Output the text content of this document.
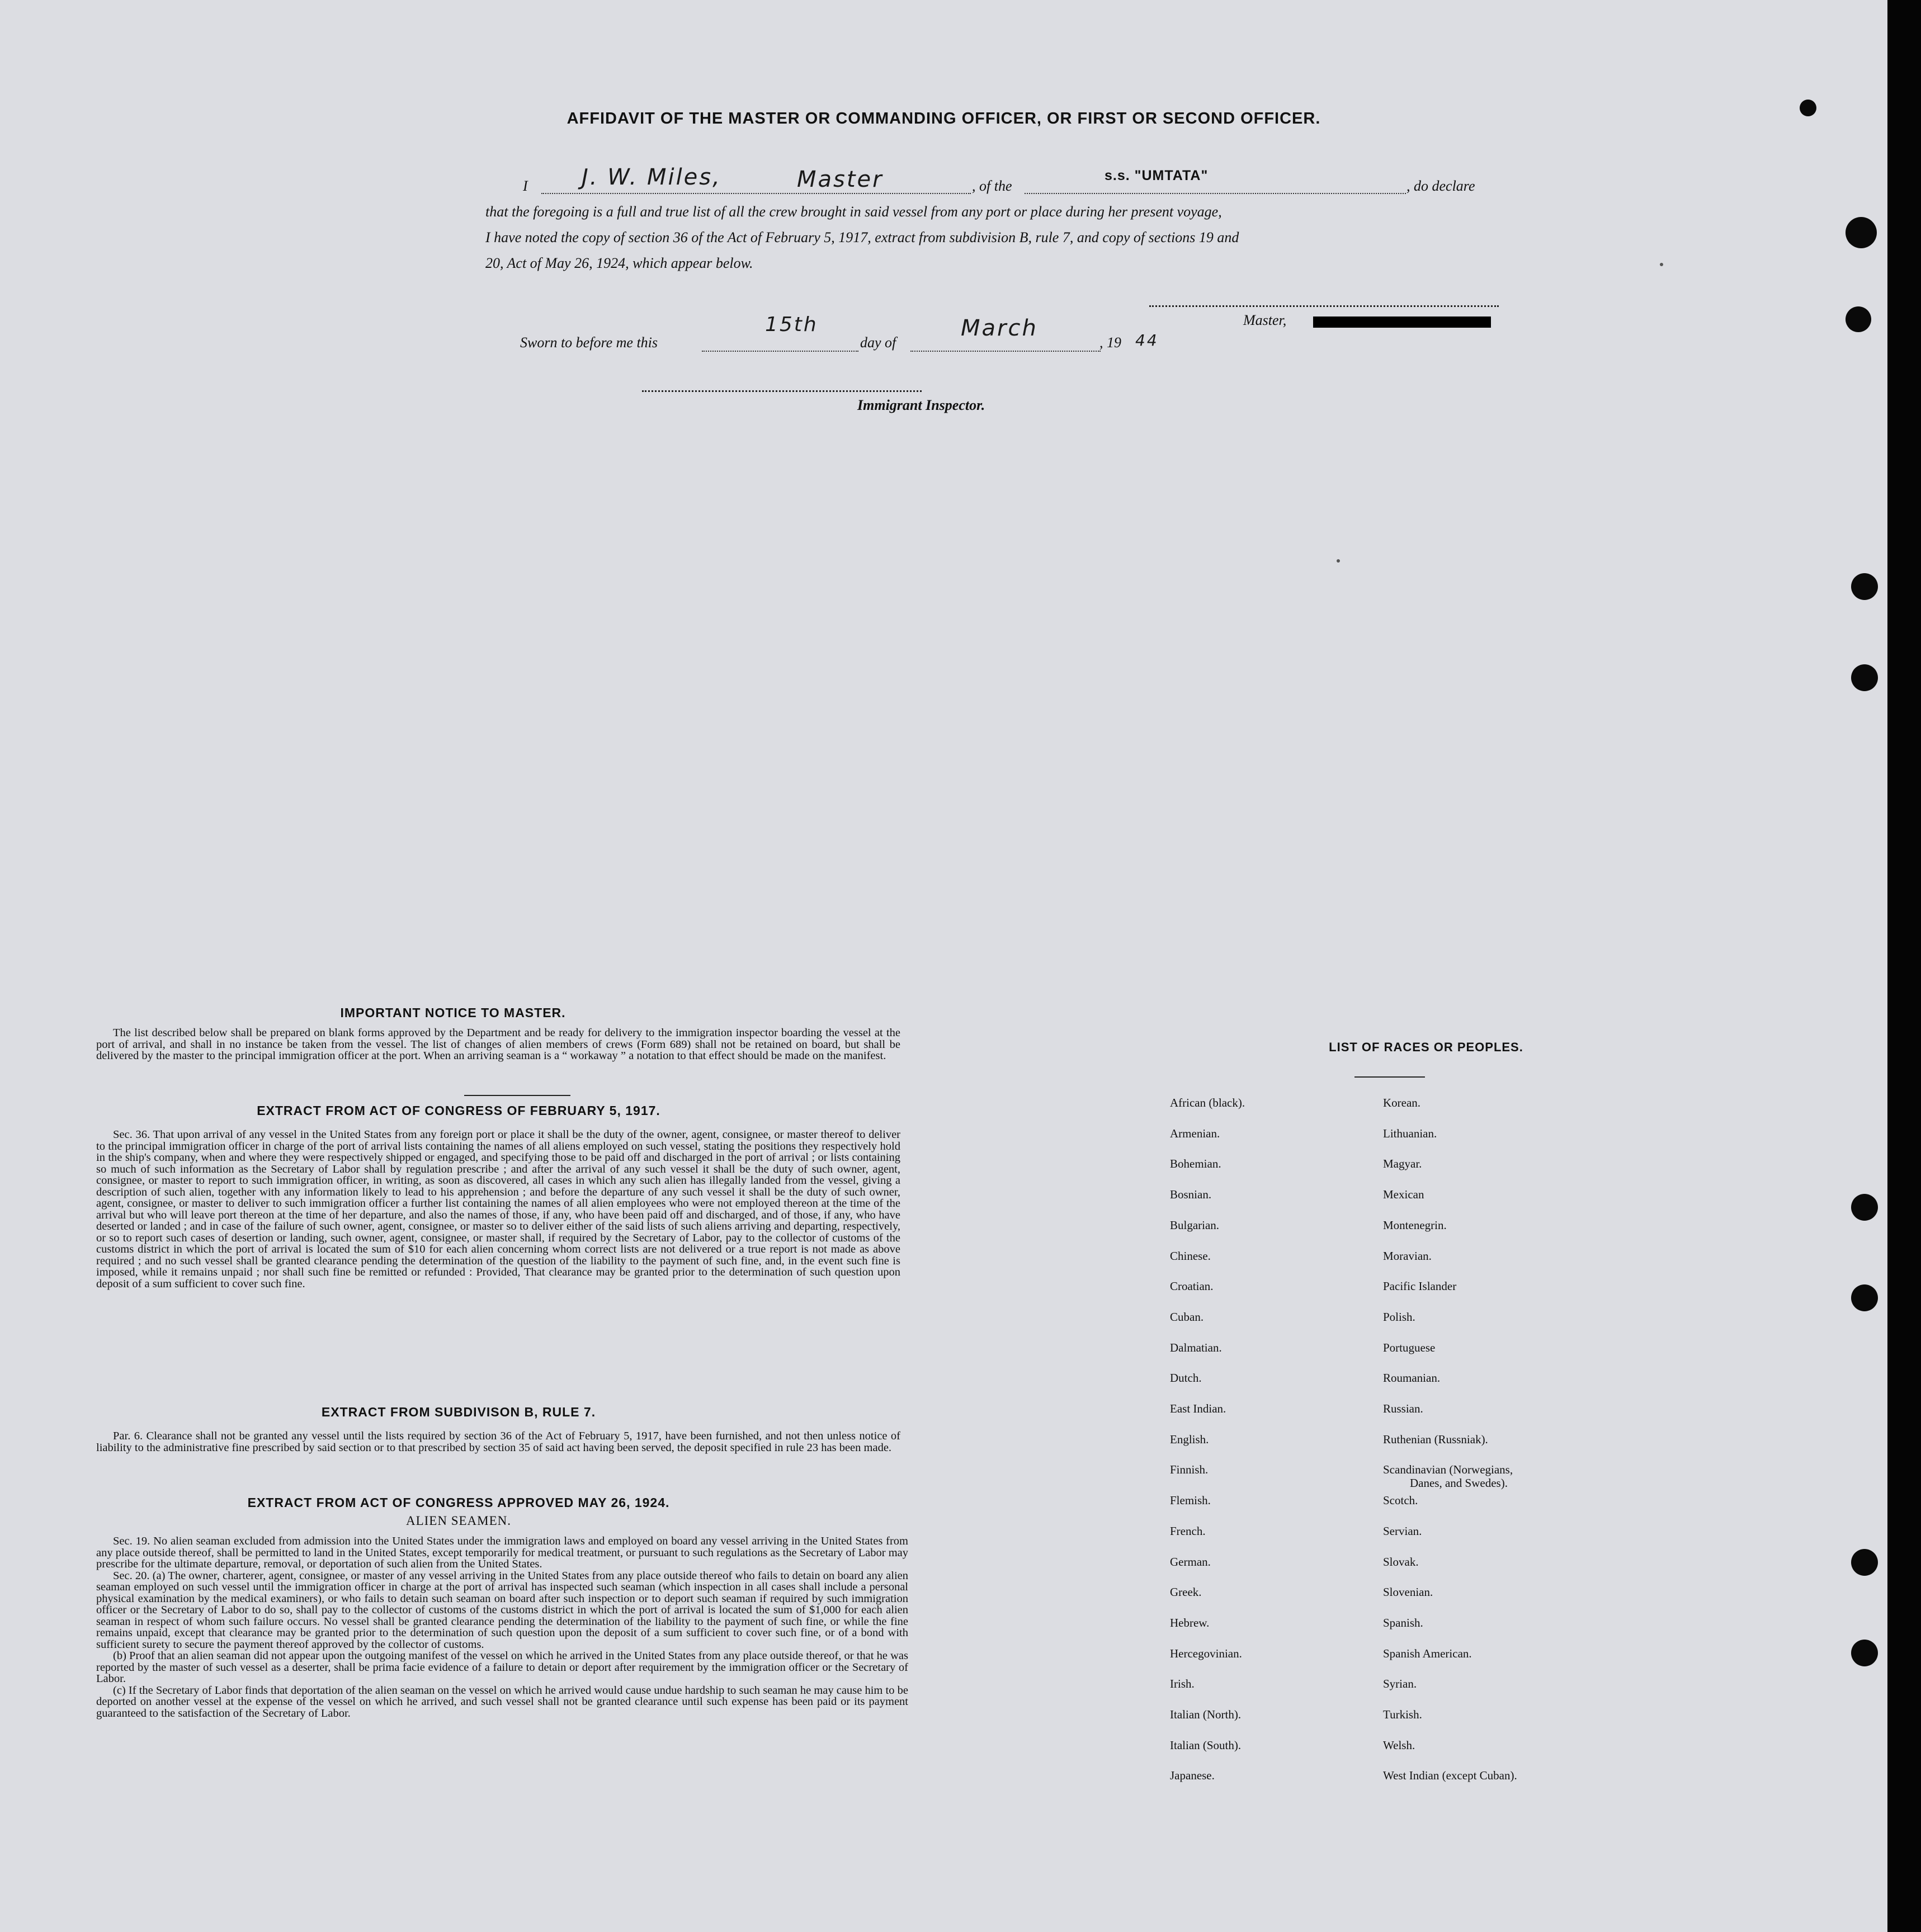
AFFIDAVIT OF THE MASTER OR COMMANDING OFFICER, OR FIRST OR SECOND OFFICER.
I J. W. Miles,	Master	, of the
s.s. "UMTATA"
, do declare
that the foregoing is a full and true list of all the crew brought in said vessel from any port or place during her present voyage,
I have noted the copy of section 36 of the Act of February 5, 1917, extract from subdivision B, rule 7, and copy of sections 19 and
20, Act of May 26, 1924, which appear below.
Master,
Sworn to before me this
15th
day of
March
, 19 44
Immigrant Inspector.
IMPORTANT NOTICE TO MASTER.

The list described below shall be prepared on blank forms approved by the Department and be ready for delivery to the immigration inspector boarding the vessel at the port of arrival, and shall in no instance be taken from the vessel. The list of changes of alien members of crews (Form 689) shall not be retained on board, but shall be delivered by the master to the principal immigration officer at the port. When an arriving seaman is a “ workaway ” a notation to that effect should be made on the manifest.

EXTRACT FROM ACT OF CONGRESS OF FEBRUARY 5, 1917.

Sec. 36. That upon arrival of any vessel in the United States from any foreign port or place it shall be the duty of the owner, agent, consignee, or master thereof to deliver to the principal immigration officer in charge of the port of arrival lists containing the names of all aliens employed on such vessel, stating the positions they respectively hold in the ship's company, when and where they were respectively shipped or engaged, and specifying those to be paid off and discharged in the port of arrival ; or lists containing so much of such information as the Secretary of Labor shall by regulation prescribe ; and after the arrival of any such vessel it shall be the duty of such owner, agent, consignee, or master to report to such immigration officer, in writing, as soon as discovered, all cases in which any such alien has illegally landed from the vessel, giving a description of such alien, together with any information likely to lead to his apprehension ; and before the departure of any such vessel it shall be the duty of such owner, agent, consignee, or master to deliver to such immigration officer a further list containing the names of all alien employees who were not employed thereon at the time of the arrival but who will leave port thereon at the time of her departure, and also the names of those, if any, who have been paid off and discharged, and of those, if any, who have deserted or landed ; and in case of the failure of such owner, agent, consignee, or master so to deliver either of the said lists of such aliens arriving and departing, respectively, or so to report such cases of desertion or landing, such owner, agent, consignee, or master shall, if required by the Secretary of Labor, pay to the collector of customs of the customs district in which the port of arrival is located the sum of $10 for each alien concerning whom correct lists are not delivered or a true report is not made as above required ; and no such vessel shall be granted clearance pending the determination of the question of the liability to the payment of such fine, and, in the event such fine is imposed, while it remains unpaid ; nor shall such fine be remitted or refunded : Provided, That clearance may be granted prior to the determination of such question upon deposit of a sum sufficient to cover such fine.

EXTRACT FROM SUBDIVISON B, RULE 7.

Par. 6. Clearance shall not be granted any vessel until the lists required by section 36 of the Act of February 5, 1917, have been furnished, and not then unless notice of liability to the administrative fine prescribed by said section or to that prescribed by section 35 of said act having been served, the deposit specified in rule 23 has been made.

EXTRACT FROM ACT OF CONGRESS APPROVED MAY 26, 1924.
ALIEN SEAMEN.

Sec. 19. No alien seaman excluded from admission into the United States under the immigration laws and employed on board any vessel arriving in the United States from any place outside thereof, shall be permitted to land in the United States, except temporarily for medical treatment, or pursuant to such regulations as the Secretary of Labor may prescribe for the ultimate departure, removal, or deportation of such alien from the United States.

Sec. 20. (a) The owner, charterer, agent, consignee, or master of any vessel arriving in the United States from any place outside thereof who fails to detain on board any alien seaman employed on such vessel until the immigration officer in charge at the port of arrival has inspected such seaman (which inspection in all cases shall include a personal physical examination by the medical examiners), or who fails to detain such seaman on board after such inspection or to deport such seaman if required by such immigration officer or the Secretary of Labor to do so, shall pay to the collector of customs of the customs district in which the port of arrival is located the sum of $1,000 for each alien seaman in respect of whom such failure occurs. No vessel shall be granted clearance pending the determination of the liability to the payment of such fine, or while the fine remains unpaid, except that clearance may be granted prior to the determination of such question upon the deposit of a sum sufficient to cover such fine, or of a bond with sufficient surety to secure the payment thereof approved by the collector of customs.

(b) Proof that an alien seaman did not appear upon the outgoing manifest of the vessel on which he arrived in the United States from any place outside thereof, or that he was reported by the master of such vessel as a deserter, shall be prima facie evidence of a failure to detain or deport after requirement by the immigration officer or the Secretary of Labor.

(c) If the Secretary of Labor finds that deportation of the alien seaman on the vessel on which he arrived would cause undue hardship to such seaman he may cause him to be deported on another vessel at the expense of the vessel on which he arrived, and such vessel shall not be granted clearance until such expense has been paid or its payment guaranteed to the satisfaction of the Secretary of Labor.

LIST OF RACES OR PEOPLES.
African (black).
Armenian.
Bohemian.
Bosnian.
Bulgarian.
Chinese.
Croatian.
Cuban.
Dalmatian.
Dutch.
East Indian.
English.
Finnish.
Flemish.
French.
German.
Greek.
Hebrew.
Hercegovinian.
Irish.
Italian (North).
Italian (South).
Japanese.
Korean.
Lithuanian.
Magyar.
Mexican
Montenegrin.
Moravian.
Pacific Islander
Polish.
Portuguese
Roumanian.
Russian.
Ruthenian (Russniak).
Scandinavian (Norwegians,
Danes, and Swedes).
Scotch.
Servian.
Slovak.
Slovenian.
Spanish.
Spanish American.
Syrian.
Turkish.
Welsh.
West Indian (except Cuban).
